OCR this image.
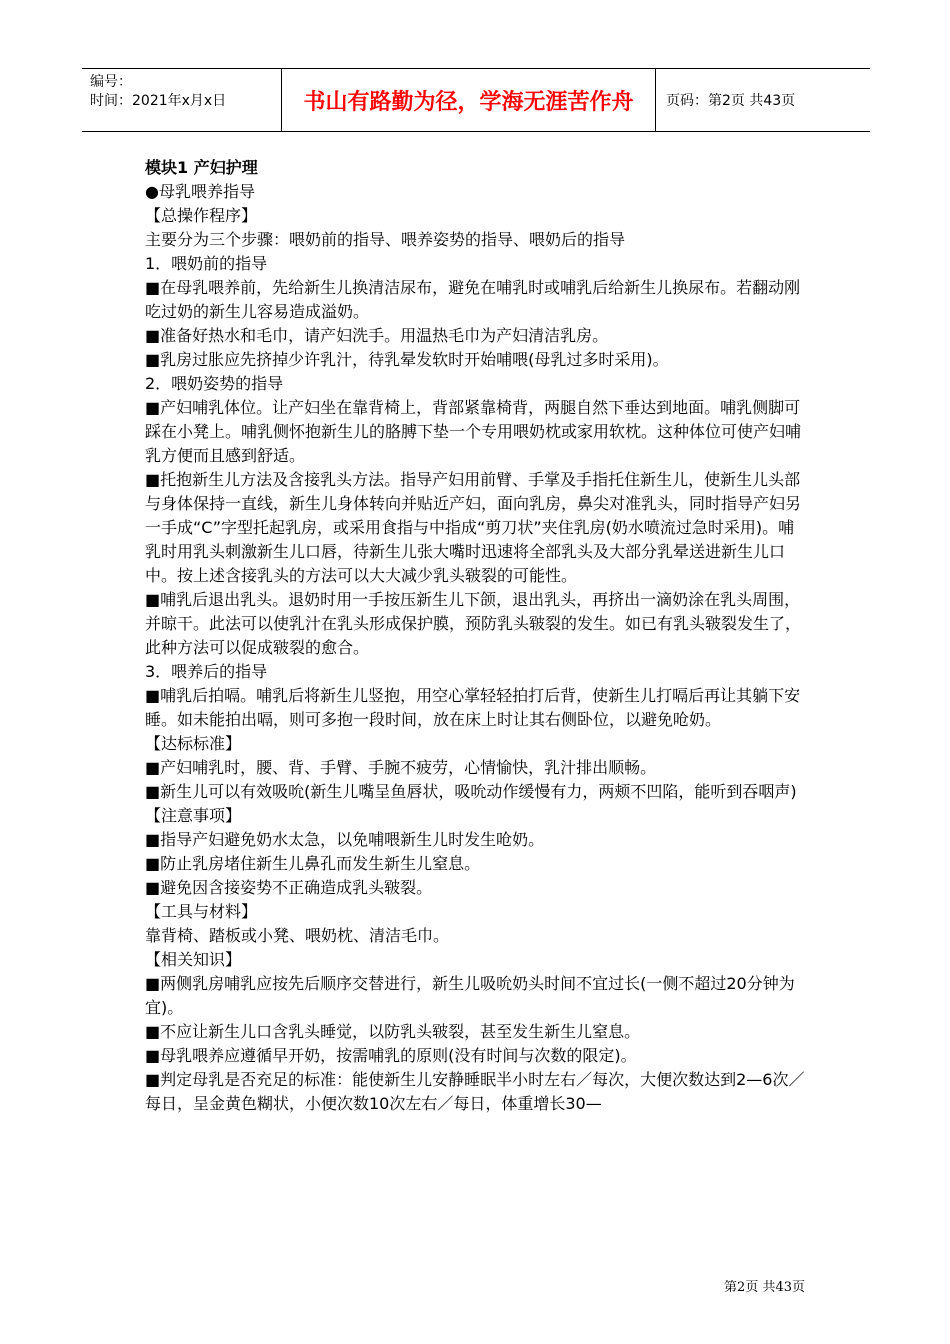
编号：
时间：2021年x月x日	书山有路勤为径，学海无涯苦作舟	页码：第2页 共43页

模块1 产妇护理

●母乳喂养指导

【总操作程序】

主要分为三个步骤：喂奶前的指导、喂养姿势的指导、喂奶后的指导

1．喂奶前的指导

■在母乳喂养前，先给新生儿换清洁尿布，避免在哺乳时或哺乳后给新生儿换尿布。若翻动刚吃过奶的新生儿容易造成溢奶。

■准备好热水和毛巾，请产妇洗手。用温热毛巾为产妇清洁乳房。

■乳房过胀应先挤掉少许乳汁，待乳晕发软时开始哺喂(母乳过多时采用)。

2．喂奶姿势的指导

■产妇哺乳体位。让产妇坐在靠背椅上，背部紧靠椅背，两腿自然下垂达到地面。哺乳侧脚可踩在小凳上。哺乳侧怀抱新生儿的胳膊下垫一个专用喂奶枕或家用软枕。这种体位可使产妇哺乳方便而且感到舒适。

■托抱新生儿方法及含接乳头方法。指导产妇用前臂、手掌及手指托住新生儿，使新生儿头部与身体保持一直线，新生儿身体转向并贴近产妇，面向乳房，鼻尖对准乳头，同时指导产妇另一手成“C”字型托起乳房，或采用食指与中指成“剪刀状”夹住乳房(奶水喷流过急时采用)。哺乳时用乳头刺激新生儿口唇，待新生儿张大嘴时迅速将全部乳头及大部分乳晕送进新生儿口中。按上述含接乳头的方法可以大大减少乳头皲裂的可能性。

■哺乳后退出乳头。退奶时用一手按压新生儿下颌，退出乳头，再挤出一滴奶涂在乳头周围，并晾干。此法可以使乳汁在乳头形成保护膜，预防乳头皲裂的发生。如已有乳头皲裂发生了，此种方法可以促成皲裂的愈合。

3．喂养后的指导

■哺乳后拍嗝。哺乳后将新生儿竖抱，用空心掌轻轻拍打后背，使新生儿打嗝后再让其躺下安睡。如未能拍出嗝，则可多抱一段时间，放在床上时让其右侧卧位，以避免呛奶。

【达标标准】

■产妇哺乳时，腰、背、手臂、手腕不疲劳，心情愉快，乳汁排出顺畅。

■新生儿可以有效吸吮(新生儿嘴呈鱼唇状，吸吮动作缓慢有力，两颊不凹陷，能听到吞咽声)

【注意事项】

■指导产妇避免奶水太急，以免哺喂新生儿时发生呛奶。

■防止乳房堵住新生儿鼻孔而发生新生儿窒息。

■避免因含接姿势不正确造成乳头皲裂。

【工具与材料】

靠背椅、踏板或小凳、喂奶枕、清洁毛巾。

【相关知识】

■两侧乳房哺乳应按先后顺序交替进行，新生儿吸吮奶头时间不宜过长(一侧不超过20分钟为宜)。

■不应让新生儿口含乳头睡觉，以防乳头皲裂，甚至发生新生儿窒息。

■母乳喂养应遵循早开奶，按需哺乳的原则(没有时间与次数的限定)。

■判定母乳是否充足的标准：能使新生儿安静睡眠半小时左右／每次，大便次数达到2—6次／每日，呈金黄色糊状，小便次数10次左右／每日，体重增长30—

第2页 共43页
